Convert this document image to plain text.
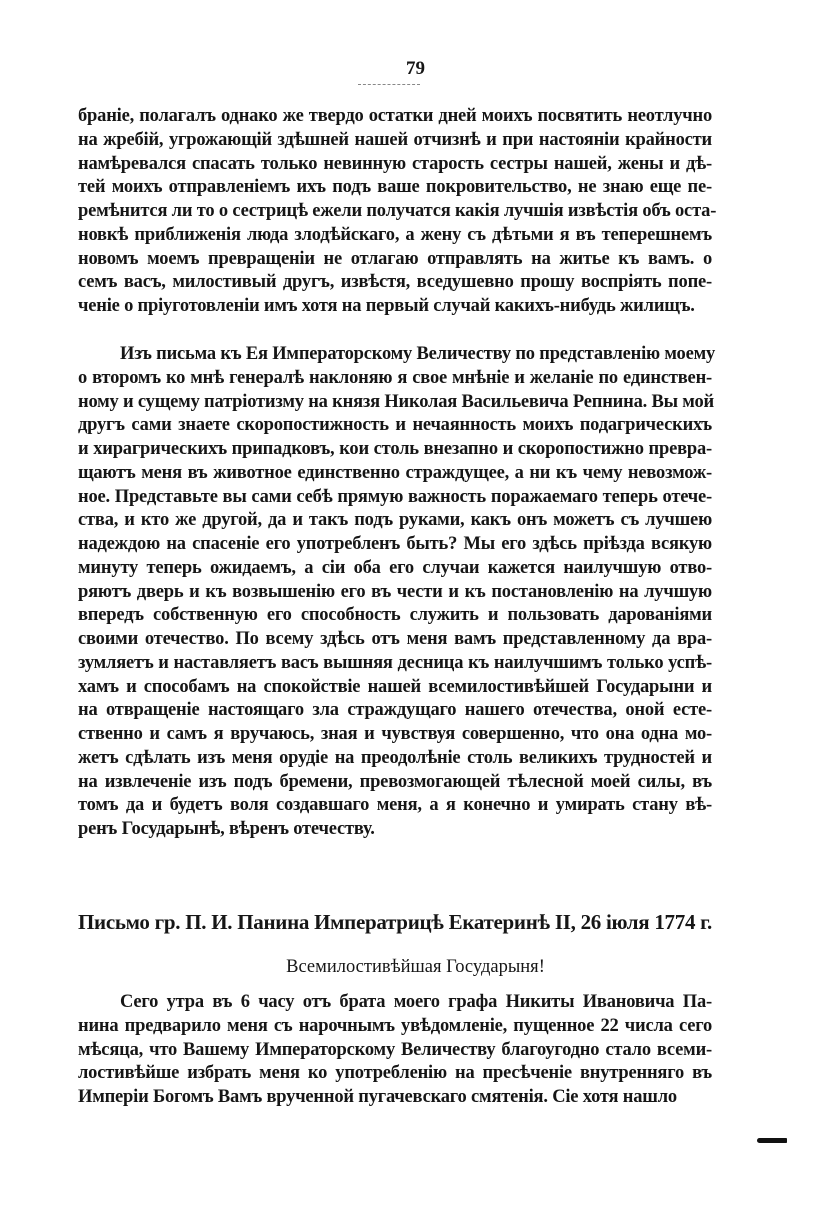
79
браніе, полагалъ однако же твердо остатки дней моихъ посвятить неотлучно
на жребій, угрожающій здѣшней нашей отчизнѣ и при настояніи крайности
намѣревался спасать только невинную старость сестры нашей, жены и дѣ-
тей моихъ отправленіемъ ихъ подъ ваше покровительство, не знаю еще пе-
ремѣнится ли то о сестрицѣ ежели получатся какія лучшія извѣстія объ оста-
новкѣ приближенія люда злодѣйскаго, а жену съ дѣтьми я въ теперешнемъ
новомъ моемъ превращеніи не отлагаю отправлять на житье къ вамъ. о
семъ васъ, милостивый другъ, извѣстя, вседушевно прошу воспріять попе-
ченіе о пріуготовленіи имъ хотя на первый случай какихъ-нибудь жилищъ.
Изъ письма къ Ея Императорскому Величеству по представленію моему
о второмъ ко мнѣ генералѣ наклоняю я свое мнѣніе и желаніе по единствен-
ному и сущему патріотизму на князя Николая Васильевича Репнина. Вы мой
другъ сами знаете скоропостижность и нечаянность моихъ подагрическихъ
и хирагрическихъ припадковъ, кои столь внезапно и скоропостижно превра-
щаютъ меня въ животное единственно страждущее, а ни къ чему невозмож-
ное. Представьте вы сами себѣ прямую важность поражаемаго теперь отече-
ства, и кто же другой, да и такъ подъ руками, какъ онъ можетъ съ лучшею
надеждою на спасеніе его употребленъ быть? Мы его здѣсь пріѣзда всякую
минуту теперь ожидаемъ, а сіи оба его случаи кажется наилучшую отво-
ряютъ дверь и къ возвышенію его въ чести и къ постановленію на лучшую
впередъ собственную его способность служить и пользовать дарованіями
своими отечество. По всему здѣсь отъ меня вамъ представленному да вра-
зумляетъ и наставляетъ васъ вышняя десница къ наилучшимъ только успѣ-
хамъ и способамъ на спокойствіе нашей всемилостивѣйшей Государыни и
на отвращеніе настоящаго зла страждущаго нашего отечества, оной есте-
ственно и самъ я вручаюсь, зная и чувствуя совершенно, что она одна мо-
жетъ сдѣлать изъ меня орудіе на преодолѣніе столь великихъ трудностей и
на извлеченіе изъ подъ бремени, превозмогающей тѣлесной моей силы, въ
томъ да и будетъ воля создавшаго меня, а я конечно и умирать стану вѣ-
ренъ Государынѣ, вѣренъ отечеству.
Письмо гр. П. И. Панина Императрицѣ Екатеринѣ II, 26 іюля 1774 г.
Всемилостивѣйшая Государыня!
Сего утра въ 6 часу отъ брата моего графа Никиты Ивановича Па-
нина предварило меня съ нарочнымъ увѣдомленіе, пущенное 22 числа сего
мѣсяца, что Вашему Императорскому Величеству благоугодно стало всеми-
лостивѣйше избрать меня ко употребленію на пресѣченіе внутренняго въ
Имперіи Богомъ Вамъ врученной пугачевскаго смятенія. Сіе хотя нашло
